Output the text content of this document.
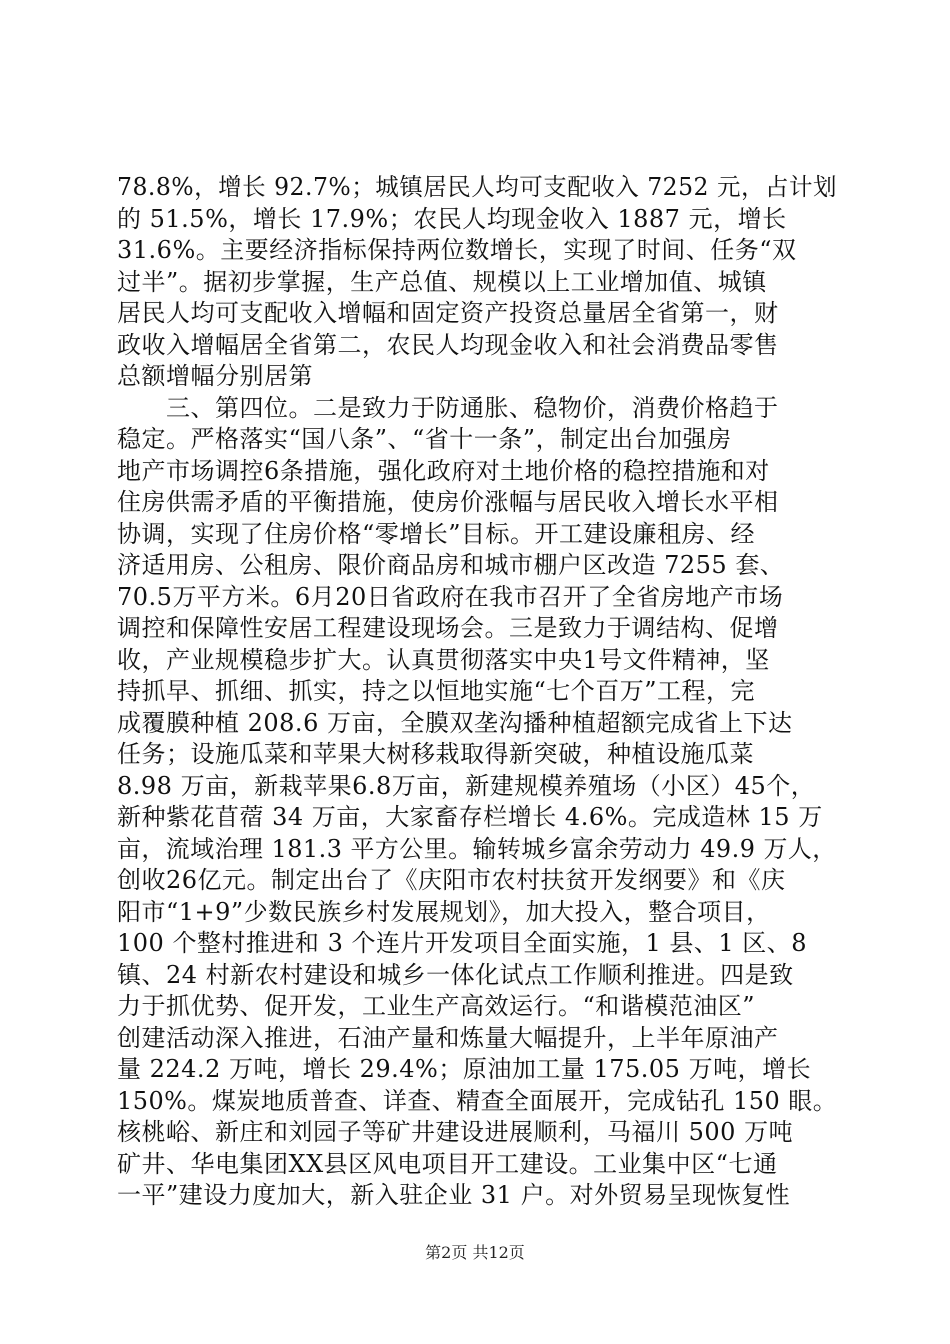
78.8%，增长 92.7%；城镇居民人均可支配收入 7252 元，占计划
的 51.5%，增长 17.9%；农民人均现金收入 1887 元，增长
31.6%。主要经济指标保持两位数增长，实现了时间、任务“双
过半”。据初步掌握，生产总值、规模以上工业增加值、城镇
居民人均可支配收入增幅和固定资产投资总量居全省第一，财
政收入增幅居全省第二，农民人均现金收入和社会消费品零售
总额增幅分别居第
　　三、第四位。二是致力于防通胀、稳物价，消费价格趋于
稳定。严格落实“国八条”、“省十一条”，制定出台加强房
地产市场调控6条措施，强化政府对土地价格的稳控措施和对
住房供需矛盾的平衡措施，使房价涨幅与居民收入增长水平相
协调，实现了住房价格“零增长”目标。开工建设廉租房、经
济适用房、公租房、限价商品房和城市棚户区改造 7255 套、
70.5万平方米。6月20日省政府在我市召开了全省房地产市场
调控和保障性安居工程建设现场会。三是致力于调结构、促增
收，产业规模稳步扩大。认真贯彻落实中央1号文件精神，坚
持抓早、抓细、抓实，持之以恒地实施“七个百万”工程，完
成覆膜种植 208.6 万亩，全膜双垄沟播种植超额完成省上下达
任务；设施瓜菜和苹果大树移栽取得新突破，种植设施瓜菜
8.98 万亩，新栽苹果6.8万亩，新建规模养殖场（小区）45个，
新种紫花苜蓿 34 万亩，大家畜存栏增长 4.6%。完成造林 15 万
亩，流域治理 181.3 平方公里。输转城乡富余劳动力 49.9 万人，
创收26亿元。制定出台了《庆阳市农村扶贫开发纲要》和《庆
阳市“1+9”少数民族乡村发展规划》，加大投入，整合项目，
100 个整村推进和 3 个连片开发项目全面实施，1 县、1 区、8
镇、24 村新农村建设和城乡一体化试点工作顺利推进。四是致
力于抓优势、促开发，工业生产高效运行。“和谐模范油区”
创建活动深入推进，石油产量和炼量大幅提升，上半年原油产
量 224.2 万吨，增长 29.4%；原油加工量 175.05 万吨，增长
150%。煤炭地质普查、详查、精查全面展开，完成钻孔 150 眼。
核桃峪、新庄和刘园子等矿井建设进展顺利，马福川 500 万吨
矿井、华电集团XX县区风电项目开工建设。工业集中区“七通
一平”建设力度加大，新入驻企业 31 户。对外贸易呈现恢复性
第2页 共12页
